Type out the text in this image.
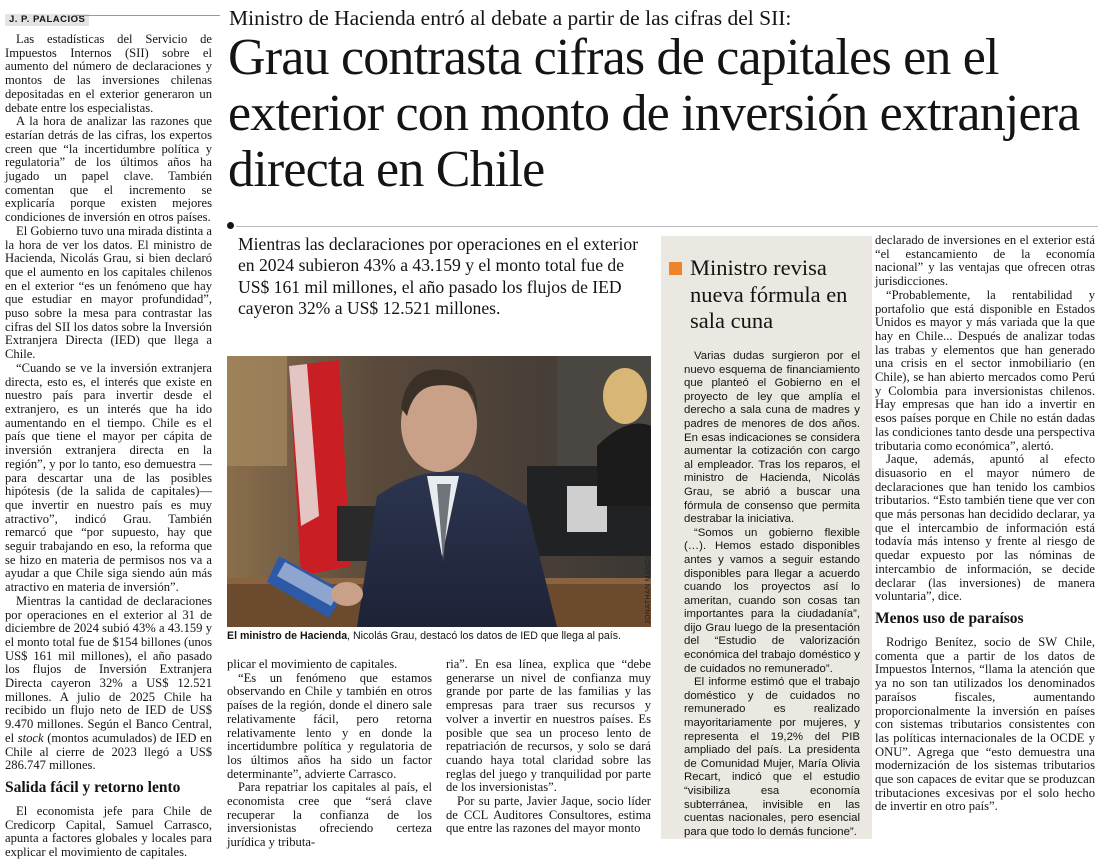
J. P. PALACIOS	Ministro de Hacienda entró al debate a partir de las cifras del SII:
Grau contrasta cifras de capitales en el exterior con monto de inversión extranjera directa en Chile
Mientras las declaraciones por operaciones en el exterior en 2024 subieron 43% a 43.159 y el monto total fue de US$ 161 mil millones, el año pasado los flujos de IED cayeron 32% a US$ 12.521 millones.

Las estadísticas del Servicio de Impuestos Internos (SII) sobre el aumento del número de declaraciones y montos de las inversiones chilenas depositadas en el exterior generaron un debate entre los especialistas.

A la hora de analizar las razones que estarían detrás de las cifras, los expertos creen que “la incertidumbre política y regulatoria” de los últimos años ha jugado un papel clave. También comentan que el incremento se explicaría porque existen mejores condiciones de inversión en otros países.

El Gobierno tuvo una mirada distinta a la hora de ver los datos. El ministro de Hacienda, Nicolás Grau, si bien declaró que el aumento en los capitales chilenos en el exterior “es un fenómeno que hay que estudiar en mayor profundidad”, puso sobre la mesa para contrastar las cifras del SII los datos sobre la Inversión Extranjera Directa (IED) que llega a Chile.

“Cuando se ve la inversión extranjera directa, esto es, el interés que existe en nuestro país para invertir desde el extranjero, es un interés que ha ido aumentando en el tiempo. Chile es el país que tiene el mayor per cápita de inversión extranjera directa en la región”, y por lo tanto, eso demuestra —para descartar una de las posibles hipótesis (de la salida de capitales)— que invertir en nuestro país es muy atractivo”, indicó Grau. También remarcó que “por supuesto, hay que seguir trabajando en eso, la reforma que se hizo en materia de permisos nos va a ayudar a que Chile siga siendo aún más atractivo en materia de inversión”.

Mientras la cantidad de declaraciones por operaciones en el exterior al 31 de diciembre de 2024 subió 43% a 43.159 y el monto total fue de $154 billones (unos US$ 161 mil millones), el año pasado los flujos de Inversión Extranjera Directa cayeron 32% a US$ 12.521 millones. A julio de 2025 Chile ha recibido un flujo neto de IED de US$ 9.470 millones. Según el Banco Central, el stock (montos acumulados) de IED en Chile al cierre de 2023 llegó a US$ 286.747 millones.

Salida fácil y retorno lento

El economista jefe para Chile de Credicorp Capital, Samuel Carrasco, apunta a factores globales y locales para explicar el movimiento de capitales.

JONATHAN MANCILLA
El ministro de Hacienda, Nicolás Grau, destacó los datos de IED que llega al país.

plicar el movimiento de capitales.

“Es un fenómeno que estamos observando en Chile y también en otros países de la región, donde el dinero sale relativamente fácil, pero retorna relativamente lento y en donde la incertidumbre política y regulatoria de los últimos años ha sido un factor determinante”, advierte Carrasco.

Para repatriar los capitales al país, el economista cree que “será clave recuperar la confianza de los inversionistas ofreciendo certeza jurídica y tributa-

ria”. En esa línea, explica que “debe generarse un nivel de confianza muy grande por parte de las familias y las empresas para traer sus recursos y volver a invertir en nuestros países. Es posible que sea un proceso lento de repatriación de recursos, y solo se dará cuando haya total claridad sobre las reglas del juego y tranquilidad por parte de los inversionistas”.

Por su parte, Javier Jaque, socio líder de CCL Auditores Consultores, estima que entre las razones del mayor monto

Ministro revisa nueva fórmula en sala cuna

Varias dudas surgieron por el nuevo esquema de financiamiento que planteó el Gobierno en el proyecto de ley que amplía el derecho a sala cuna de madres y padres de menores de dos años. En esas indicaciones se considera aumentar la cotización con cargo al empleador. Tras los reparos, el ministro de Hacienda, Nicolás Grau, se abrió a buscar una fórmula de consenso que permita destrabar la iniciativa.

“Somos un gobierno flexible (…). Hemos estado disponibles antes y vamos a seguir estando disponibles para llegar a acuerdo cuando los proyectos así lo ameritan, cuando son cosas tan importantes para la ciudadanía”, dijo Grau luego de la presentación del “Estudio de valorización económica del trabajo doméstico y de cuidados no remunerado”.

El informe estimó que el trabajo doméstico y de cuidados no remunerado es realizado mayoritariamente por mujeres, y representa el 19,2% del PIB ampliado del país. La presidenta de Comunidad Mujer, María Olivia Recart, indicó que el estudio “visibiliza esa economía subterránea, invisible en las cuentas nacionales, pero esencial para que todo lo demás funcione”.

declarado de inversiones en el exterior está “el estancamiento de la economía nacional” y las ventajas que ofrecen otras jurisdicciones.

“Probablemente, la rentabilidad y portafolio que está disponible en Estados Unidos es mayor y más variada que la que hay en Chile... Después de analizar todas las trabas y elementos que han generado una crisis en el sector inmobiliario (en Chile), se han abierto mercados como Perú y Colombia para inversionistas chilenos. Hay empresas que han ido a invertir en esos países porque en Chile no están dadas las condiciones tanto desde una perspectiva tributaria como económica”, alertó.

Jaque, además, apuntó al efecto disuasorio en el mayor número de declaraciones que han tenido los cambios tributarios. “Esto también tiene que ver con que más personas han decidido declarar, ya que el intercambio de información está todavía más intenso y frente al riesgo de quedar expuesto por las nóminas de intercambio de información, se decide declarar (las inversiones) de manera voluntaria”, dice.

Menos uso de paraísos

Rodrigo Benítez, socio de SW Chile, comenta que a partir de los datos de Impuestos Internos, “llama la atención que ya no son tan utilizados los denominados paraísos fiscales, aumentando proporcionalmente la inversión en países con sistemas tributarios consistentes con las políticas internacionales de la OCDE y ONU”. Agrega que “esto demuestra una modernización de los sistemas tributarios que son capaces de evitar que se produzcan tributaciones excesivas por el solo hecho de invertir en otro país”.
